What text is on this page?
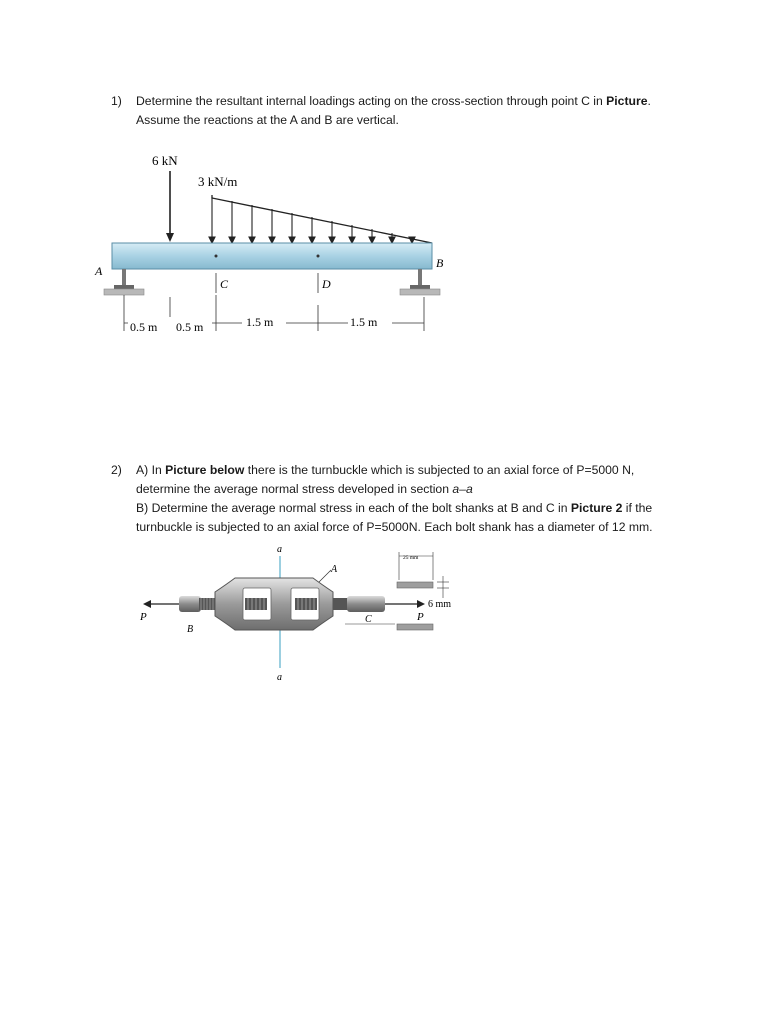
1) Determine the resultant internal loadings acting on the cross-section through point C in Picture.
Assume the reactions at the A and B are vertical.
6 kN
3 kN/m
A
B
C	D
0.5 m 0.5 m	1.5 m	1.5 m
2) A) In Picture below there is the turnbuckle which is subjected to an axial force of P=5000 N,
determine the average normal stress developed in section a–a
B) Determine the average normal stress in each of the bolt shanks at B and C in Picture 2 if the
turnbuckle is subjected to an axial force of P=5000N. Each bolt shank has a diameter of 12 mm.
a
a
P
B
A
P
C
25 mm
6 mm
